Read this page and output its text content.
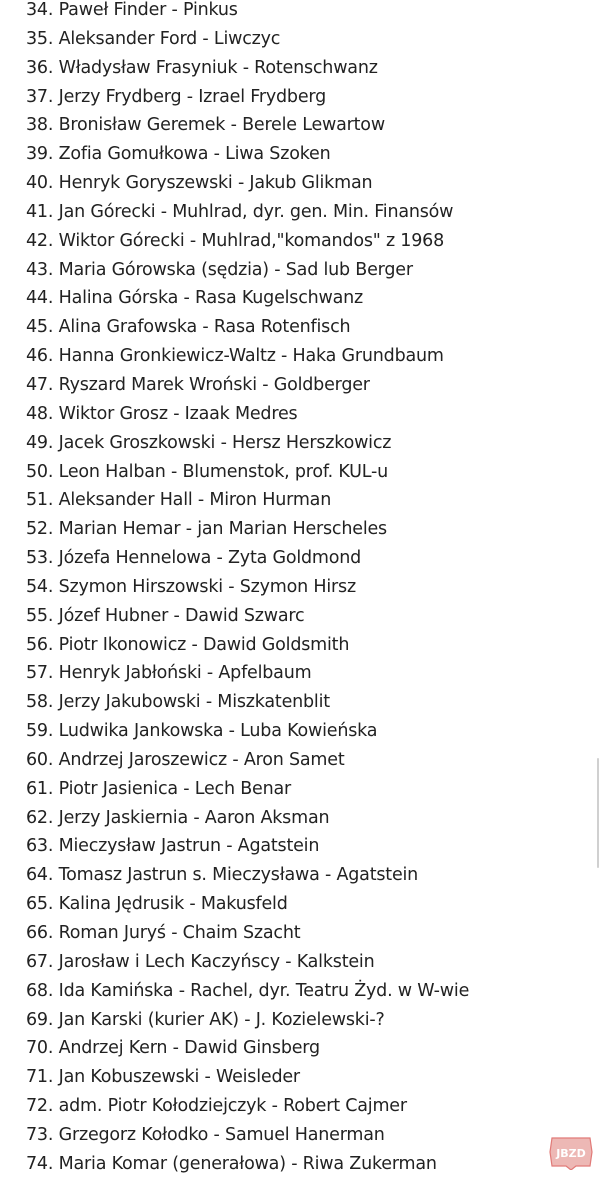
34. Paweł Finder - Pinkus
35. Aleksander Ford - Liwczyc
36. Władysław Frasyniuk - Rotenschwanz
37. Jerzy Frydberg - Izrael Frydberg
38. Bronisław Geremek - Berele Lewartow
39. Zofia Gomułkowa - Liwa Szoken
40. Henryk Goryszewski - Jakub Glikman
41. Jan Górecki - Muhlrad, dyr. gen. Min. Finansów
42. Wiktor Górecki - Muhlrad,"komandos" z 1968
43. Maria Górowska (sędzia) - Sad lub Berger
44. Halina Górska - Rasa Kugelschwanz
45. Alina Grafowska - Rasa Rotenfisch
46. Hanna Gronkiewicz-Waltz - Haka Grundbaum
47. Ryszard Marek Wroński - Goldberger
48. Wiktor Grosz - Izaak Medres
49. Jacek Groszkowski - Hersz Herszkowicz
50. Leon Halban - Blumenstok, prof. KUL-u
51. Aleksander Hall - Miron Hurman
52. Marian Hemar - jan Marian Herscheles
53. Józefa Hennelowa - Zyta Goldmond
54. Szymon Hirszowski - Szymon Hirsz
55. Józef Hubner - Dawid Szwarc
56. Piotr Ikonowicz - Dawid Goldsmith
57. Henryk Jabłoński - Apfelbaum
58. Jerzy Jakubowski - Miszkatenblit
59. Ludwika Jankowska - Luba Kowieńska
60. Andrzej Jaroszewicz - Aron Samet
61. Piotr Jasienica - Lech Benar
62. Jerzy Jaskiernia - Aaron Aksman
63. Mieczysław Jastrun - Agatstein
64. Tomasz Jastrun s. Mieczysława - Agatstein
65. Kalina Jędrusik - Makusfeld
66. Roman Juryś - Chaim Szacht
67. Jarosław i Lech Kaczyńscy - Kalkstein
68. Ida Kamińska - Rachel, dyr. Teatru Żyd. w W-wie
69. Jan Karski (kurier AK) - J. Kozielewski-?
70. Andrzej Kern - Dawid Ginsberg
71. Jan Kobuszewski - Weisleder
72. adm. Piotr Kołodziejczyk - Robert Cajmer
73. Grzegorz Kołodko - Samuel Hanerman
74. Maria Komar (generałowa) - Riwa Zukerman
JBZD
